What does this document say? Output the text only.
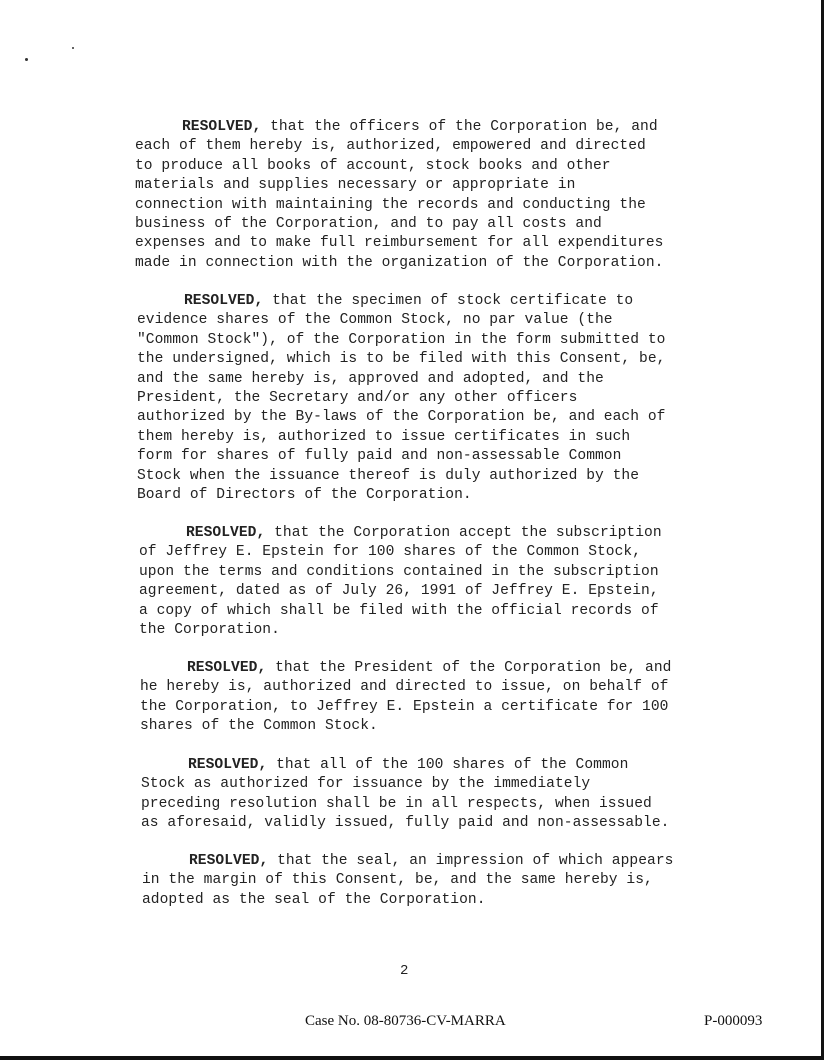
RESOLVED, that the officers of the Corporation be, and
each of them hereby is, authorized, empowered and directed
to produce all books of account, stock books and other
materials and supplies necessary or appropriate in
connection with maintaining the records and conducting the
business of the Corporation, and to pay all costs and
expenses and to make full reimbursement for all expenditures
made in connection with the organization of the Corporation.
RESOLVED, that the specimen of stock certificate to
evidence shares of the Common Stock, no par value (the
"Common Stock"), of the Corporation in the form submitted to
the undersigned, which is to be filed with this Consent, be,
and the same hereby is, approved and adopted, and the
President, the Secretary and/or any other officers
authorized by the By-laws of the Corporation be, and each of
them hereby is, authorized to issue certificates in such
form for shares of fully paid and non-assessable Common
Stock when the issuance thereof is duly authorized by the
Board of Directors of the Corporation.
RESOLVED, that the Corporation accept the subscription
of Jeffrey E. Epstein for 100 shares of the Common Stock,
upon the terms and conditions contained in the subscription
agreement, dated as of July 26, 1991 of Jeffrey E. Epstein,
a copy of which shall be filed with the official records of
the Corporation.
RESOLVED, that the President of the Corporation be, and
he hereby is, authorized and directed to issue, on behalf of
the Corporation, to Jeffrey E. Epstein a certificate for 100
shares of the Common Stock.
RESOLVED, that all of the 100 shares of the Common
Stock as authorized for issuance by the immediately
preceding resolution shall be in all respects, when issued
as aforesaid, validly issued, fully paid and non-assessable.
RESOLVED, that the seal, an impression of which appears
in the margin of this Consent, be, and the same hereby is,
adopted as the seal of the Corporation.
2
Case No. 08-80736-CV-MARRA	P-000093
